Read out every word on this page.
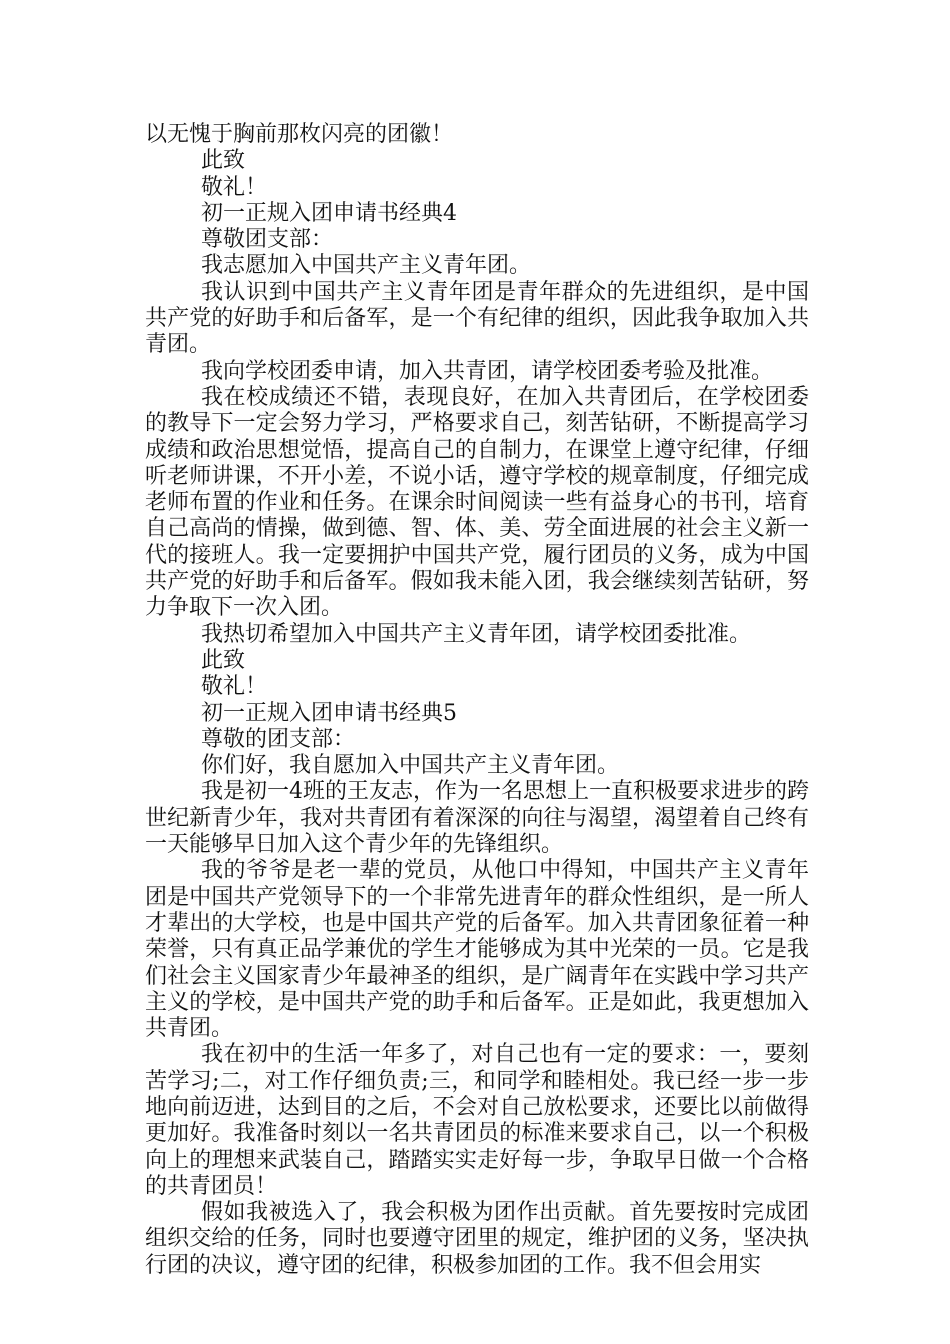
以无愧于胸前那枚闪亮的团徽！

此致

敬礼！

初一正规入团申请书经典4

尊敬团支部：

我志愿加入中国共产主义青年团。

我认识到中国共产主义青年团是青年群众的先进组织，是中国共产党的好助手和后备军，是一个有纪律的组织，因此我争取加入共青团。

我向学校团委申请，加入共青团，请学校团委考验及批准。

我在校成绩还不错，表现良好，在加入共青团后，在学校团委的教导下一定会努力学习，严格要求自己，刻苦钻研，不断提高学习成绩和政治思想觉悟，提高自己的自制力，在课堂上遵守纪律，仔细听老师讲课，不开小差，不说小话，遵守学校的规章制度，仔细完成老师布置的作业和任务。在课余时间阅读一些有益身心的书刊，培育自己高尚的情操，做到德、智、体、美、劳全面进展的社会主义新一代的接班人。我一定要拥护中国共产党，履行团员的义务，成为中国共产党的好助手和后备军。假如我未能入团，我会继续刻苦钻研，努力争取下一次入团。

我热切希望加入中国共产主义青年团，请学校团委批准。

此致

敬礼！

初一正规入团申请书经典5

尊敬的团支部：

你们好，我自愿加入中国共产主义青年团。

我是初一4班的王友志，作为一名思想上一直积极要求进步的跨世纪新青少年，我对共青团有着深深的向往与渴望，渴望着自己终有一天能够早日加入这个青少年的先锋组织。

我的爷爷是老一辈的党员，从他口中得知，中国共产主义青年团是中国共产党领导下的一个非常先进青年的群众性组织，是一所人才辈出的大学校，也是中国共产党的后备军。加入共青团象征着一种荣誉，只有真正品学兼优的学生才能够成为其中光荣的一员。它是我们社会主义国家青少年最神圣的组织，是广阔青年在实践中学习共产主义的学校，是中国共产党的助手和后备军。正是如此，我更想加入共青团。

我在初中的生活一年多了，对自己也有一定的要求：一，要刻苦学习;二，对工作仔细负责;三，和同学和睦相处。我已经一步一步地向前迈进，达到目的之后，不会对自己放松要求，还要比以前做得更加好。我准备时刻以一名共青团员的标准来要求自己，以一个积极向上的理想来武装自己，踏踏实实走好每一步，争取早日做一个合格的共青团员！

假如我被选入了，我会积极为团作出贡献。首先要按时完成团组织交给的任务，同时也要遵守团里的规定，维护团的义务，坚决执行团的决议，遵守团的纪律，积极参加团的工作。我不但会用实
